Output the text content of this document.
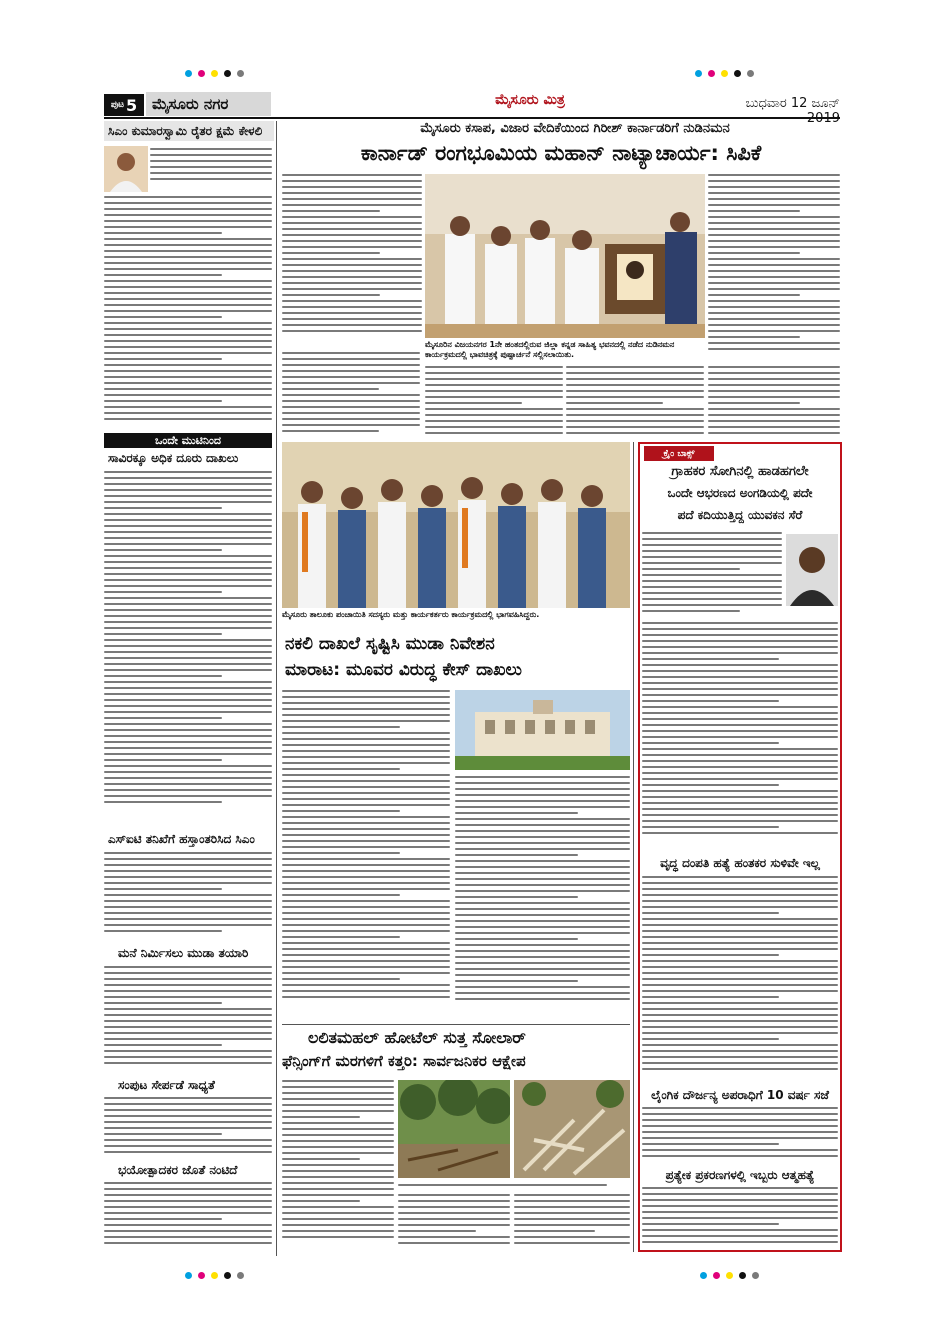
ಪುಟ 5 ಮೈಸೂರು ನಗರ	ಮೈಸೂರು ಮಿತ್ರ	ಬುಧವಾರ 12 ಜೂನ್
ಸಿಎಂ ಕುಮಾರಸ್ವಾಮಿ ರೈತರ ಕ್ಷಮೆ ಕೇಳಲಿ
ಒಂದೇ ಮುಟಿನಿಂದ
ಸಾವಿರಕ್ಕೂ ಅಧಿಕ ದೂರು ದಾಖಲು
ಎಸ್‌ಐಟಿ ತನಿಖೆಗೆ ಹಸ್ತಾಂತರಿಸಿದ ಸಿಎಂ
ಮನೆ ನಿರ್ಮಿಸಲು ಮುಡಾ ತಯಾರಿ
ಸಂಪುಟ ಸೇರ್ಪಡೆ ಸಾಧ್ಯತೆ
ಭಯೋತ್ಪಾದಕರ ಜೊತೆ ನಂಟಿದೆ
ಮೈಸೂರು ಕಸಾಪ, ವಿಜಾರ ವೇದಿಕೆಯಿಂದ ಗಿರೀಶ್ ಕಾರ್ನಾಡರಿಗೆ ನುಡಿನಮನ
ಕಾರ್ನಾಡ್ ರಂಗಭೂಮಿಯ ಮಹಾನ್ ನಾಟ್ಯಾಚಾರ್ಯ: ಸಿಪಿಕೆ
ಮೈಸೂರಿನ ವಿಜಯನಗರ 1ನೇ ಹಂತದಲ್ಲಿರುವ ಜಿಲ್ಲಾ ಕನ್ನಡ ಸಾಹಿತ್ಯ ಭವನದಲ್ಲಿ ನಡೆದ ನುಡಿನಮನ ಕಾರ್ಯಕ್ರಮದಲ್ಲಿ ಭಾವಚಿತ್ರಕ್ಕೆ ಪುಷ್ಪಾರ್ಚನೆ ಸಲ್ಲಿಸಲಾಯಿತು.
ಮೈಸೂರು ತಾಲೂಕು ಪಂಚಾಯಿತಿ ಸದಸ್ಯರು ಮತ್ತು ಕಾರ್ಯಕರ್ತರು ಕಾರ್ಯಕ್ರಮದಲ್ಲಿ ಭಾಗವಹಿಸಿದ್ದರು.
ನಕಲಿ ದಾಖಲೆ ಸೃಷ್ಟಿಸಿ ಮುಡಾ ನಿವೇಶನ
ಮಾರಾಟ: ಮೂವರ ವಿರುದ್ಧ ಕೇಸ್ ದಾಖಲು
ಲಲಿತಮಹಲ್ ಹೋಟೆಲ್ ಸುತ್ತ ಸೋಲಾರ್
ಫೆನ್ಸಿಂಗ್‌ಗೆ ಮರಗಳಿಗೆ ಕತ್ತರಿ: ಸಾರ್ವಜನಿಕರ ಆಕ್ಷೇಪ
ಕ್ರೈಂ ಬಾಕ್ಸ್
ಗ್ರಾಹಕರ ಸೋಗಿನಲ್ಲಿ ಹಾಡಹಗಲೇ
ಒಂದೇ ಆಭರಣದ ಅಂಗಡಿಯಲ್ಲಿ ಪದೇ
ಪದೆ ಕದಿಯುತ್ತಿದ್ದ ಯುವಕನ ಸೆರೆ
ವೃದ್ಧ ದಂಪತಿ ಹತ್ಯೆ ಹಂತಕರ ಸುಳಿವೇ ಇಲ್ಲ
ಲೈಂಗಿಕ ದೌರ್ಜನ್ಯ ಅಪರಾಧಿಗೆ 10 ವರ್ಷ ಸಜೆ
ಪ್ರತ್ಯೇಕ ಪ್ರಕರಣಗಳಲ್ಲಿ ಇಬ್ಬರು ಆತ್ಮಹತ್ಯೆ
